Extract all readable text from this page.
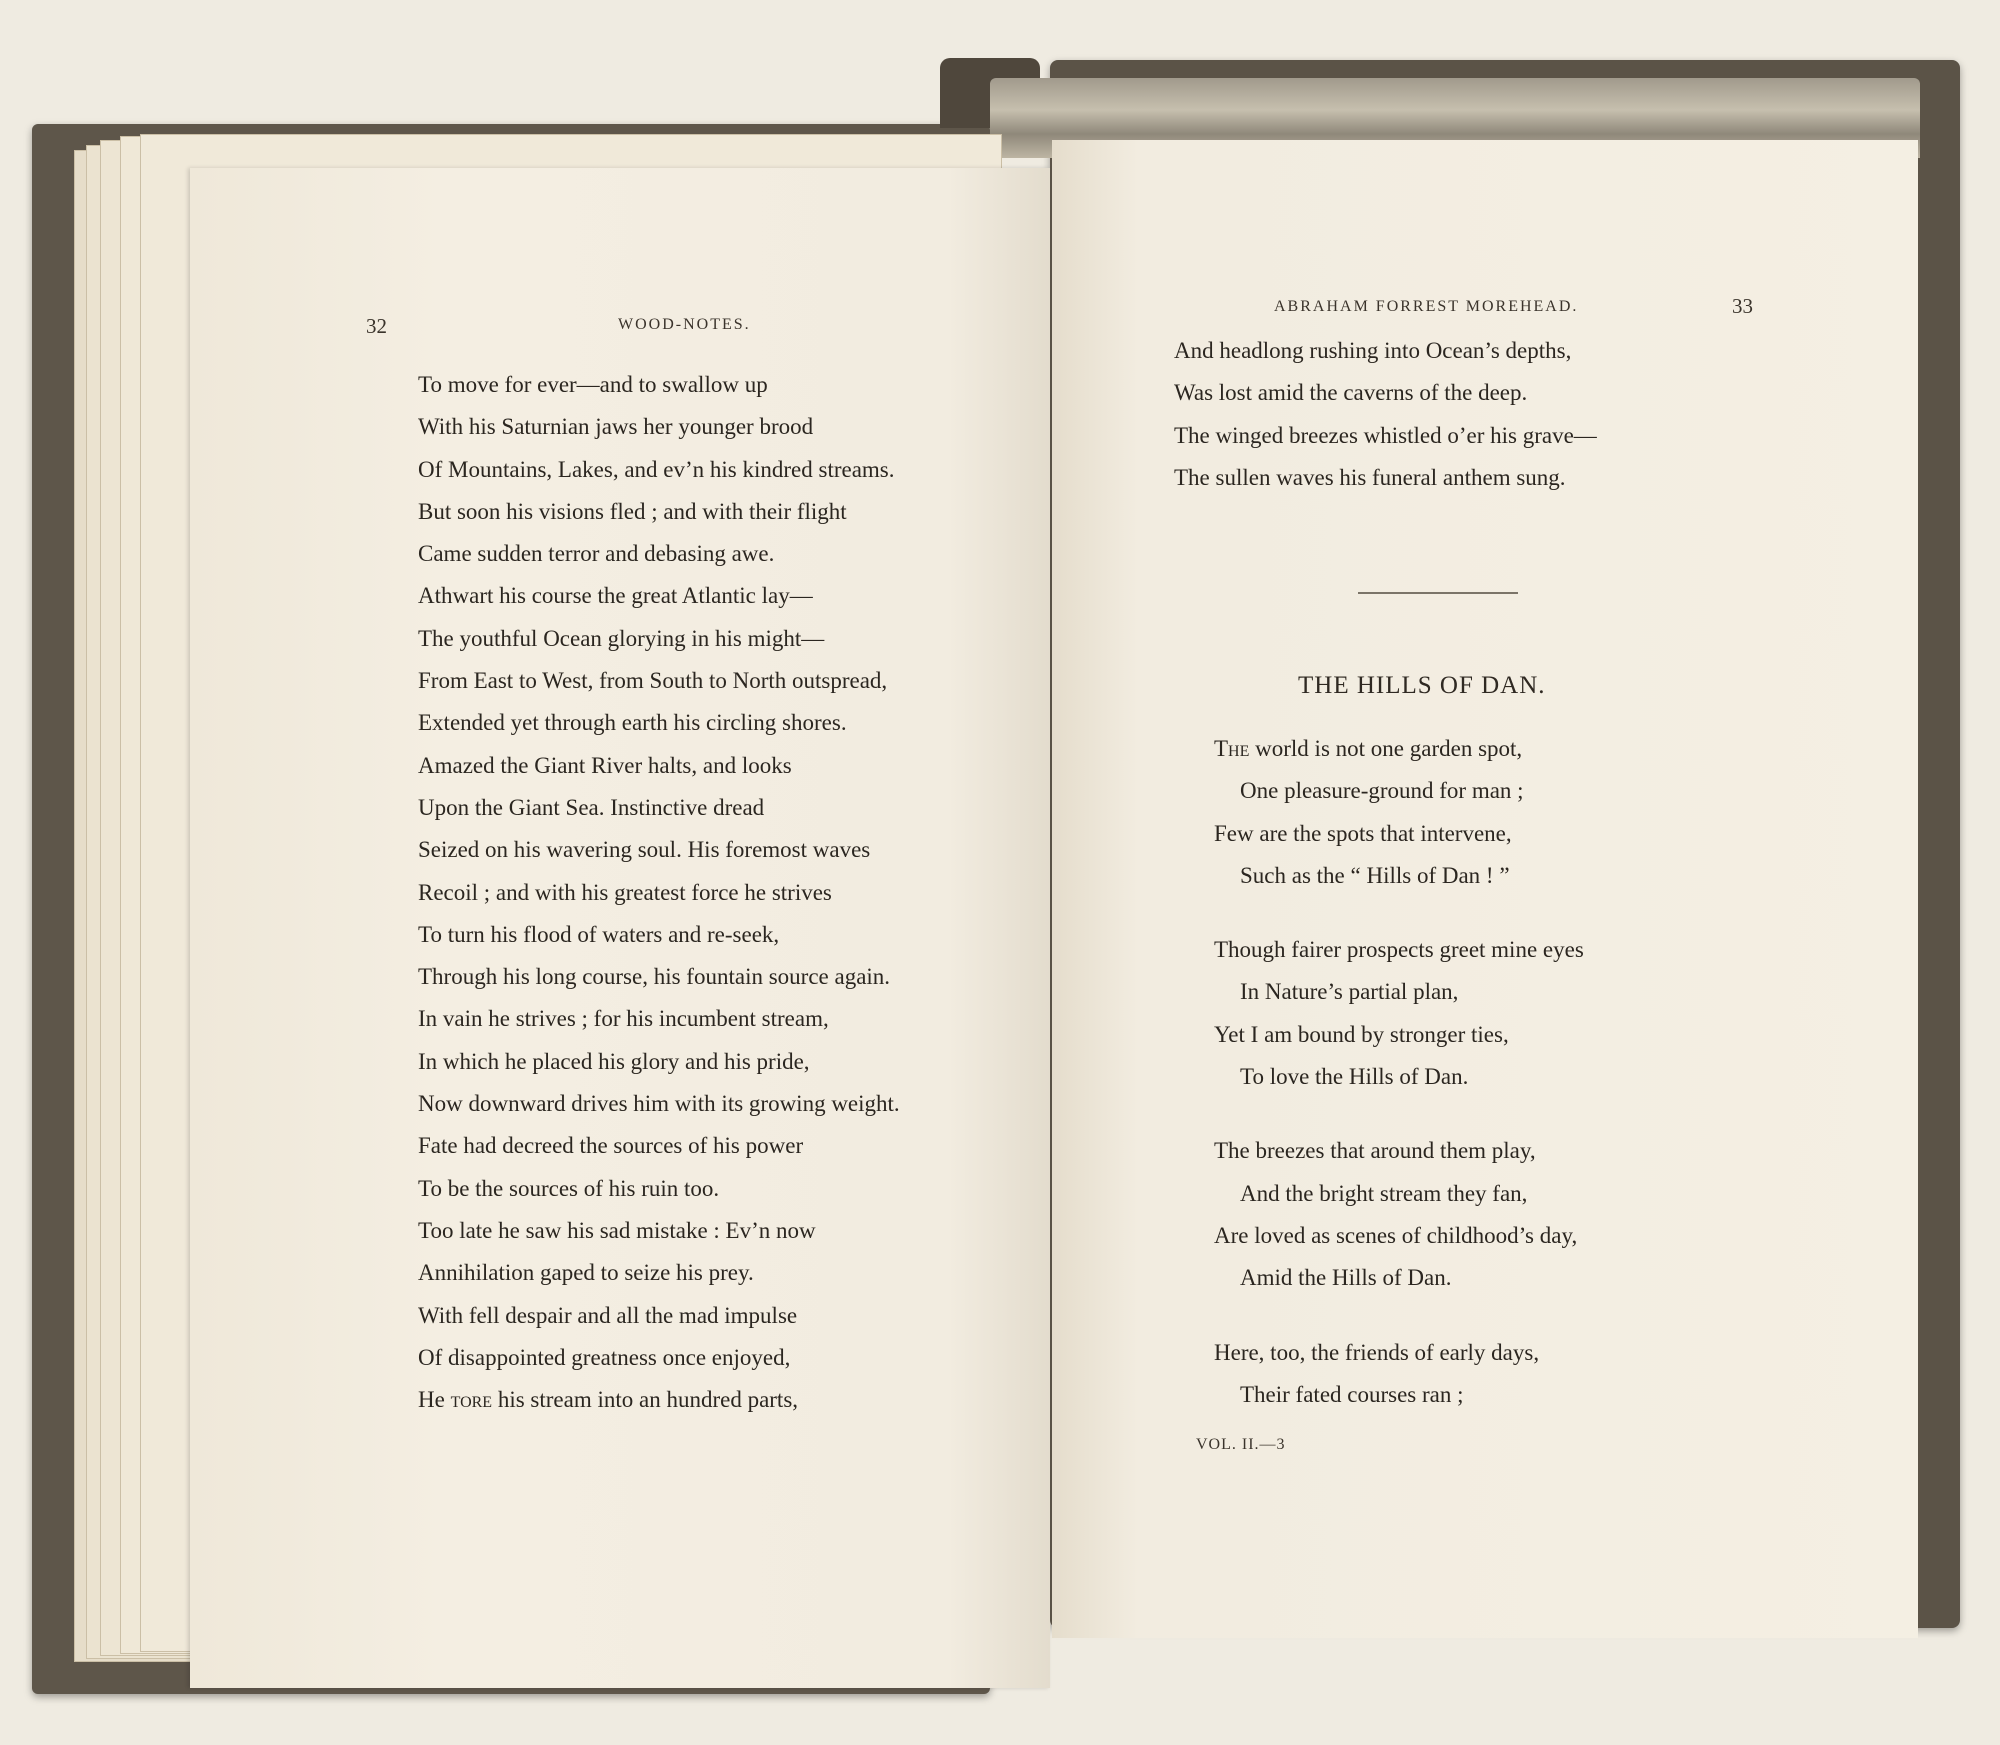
32	WOOD-NOTES.
To move for ever—and to swallow up
With his Saturnian jaws her younger brood
Of Mountains, Lakes, and ev’n his kindred streams.
But soon his visions fled ; and with their flight
Came sudden terror and debasing awe.
Athwart his course the great Atlantic lay—
The youthful Ocean glorying in his might—
From East to West, from South to North outspread,
Extended yet through earth his circling shores.
Amazed the Giant River halts, and looks
Upon the Giant Sea. Instinctive dread
Seized on his wavering soul. His foremost waves
Recoil ; and with his greatest force he strives
To turn his flood of waters and re-seek,
Through his long course, his fountain source again.
In vain he strives ; for his incumbent stream,
In which he placed his glory and his pride,
Now downward drives him with its growing weight.
Fate had decreed the sources of his power
To be the sources of his ruin too.
Too late he saw his sad mistake : Ev’n now
Annihilation gaped to seize his prey.
With fell despair and all the mad impulse
Of disappointed greatness once enjoyed,
He tore his stream into an hundred parts,
ABRAHAM FORREST MOREHEAD.	33
And headlong rushing into Ocean’s depths,
Was lost amid the caverns of the deep.
The winged breezes whistled o’er his grave—
The sullen waves his funeral anthem sung.
THE HILLS OF DAN.
The world is not one garden spot,
One pleasure-ground for man ;
Few are the spots that intervene,
Such as the “ Hills of Dan ! ”
Though fairer prospects greet mine eyes
In Nature’s partial plan,
Yet I am bound by stronger ties,
To love the Hills of Dan.
The breezes that around them play,
And the bright stream they fan,
Are loved as scenes of childhood’s day,
Amid the Hills of Dan.
Here, too, the friends of early days,
Their fated courses ran ;
VOL. II.—3
